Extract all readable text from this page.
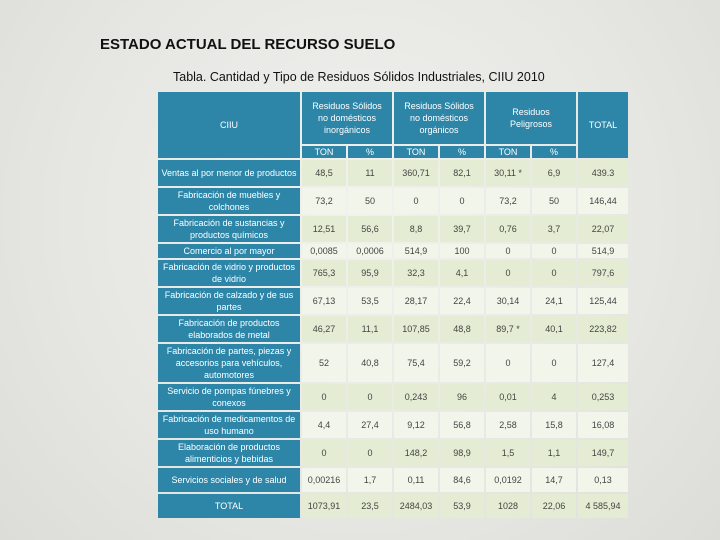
ESTADO ACTUAL DEL RECURSO SUELO
Tabla. Cantidad y Tipo de Residuos Sólidos Industriales, CIIU 2010
CIIU	Residuos Sólidos no domésticos inorgánicos		Residuos Sólidos no domésticos orgánicos		Residuos Peligrosos		TOTAL
	TON	%	TON	%	TON	%	
Ventas al por menor de productos	48,5	11	360,71	82,1	30,11 *	6,9	439.3
Fabricación de muebles y colchones	73,2	50	0	0	73,2	50	146,44
Fabricación de sustancias y productos químicos	12,51	56,6	8,8	39,7	0,76	3,7	22,07
Comercio al por mayor	0,0085	0,0006	514,9	100	0	0	514,9
Fabricación de vidrio y productos de vidrio	765,3	95,9	32,3	4,1	0	0	797,6
Fabricación de calzado y de sus partes	67,13	53,5	28,17	22,4	30,14	24,1	125,44
Fabricación de productos elaborados de metal	46,27	11,1	107,85	48,8	89,7 *	40,1	223,82
Fabricación de partes, piezas y accesorios para vehículos, automotores	52	40,8	75,4	59,2	0	0	127,4
Servicio de pompas fúnebres y conexos	0	0	0,243	96	0,01	4	0,253
Fabricación de medicamentos de uso humano	4,4	27,4	9,12	56,8	2,58	15,8	16,08
Elaboración de productos alimenticios y bebidas	0	0	148,2	98,9	1,5	1,1	149,7
Servicios sociales y de salud	0,00216	1,7	0,11	84,6	0,0192	14,7	0,13
TOTAL	1073,91	23,5	2484,03	53,9	1028	22,06	4 585,94
